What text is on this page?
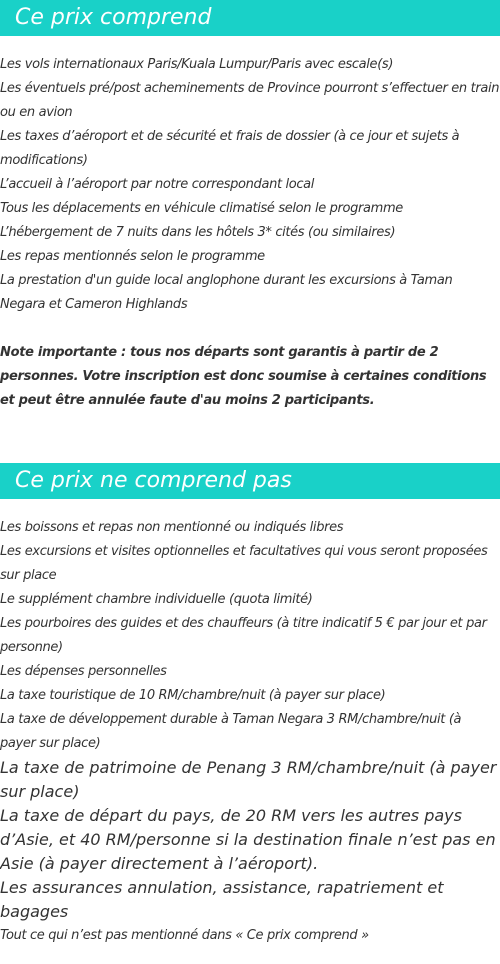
Ce prix comprend
Les vols internationaux Paris/Kuala Lumpur/Paris avec escale(s)
Les éventuels pré/post acheminements de Province pourront s’effectuer en train ou en avion
Les taxes d’aéroport et de sécurité et frais de dossier (à ce jour et sujets à modifications)
L’accueil à l’aéroport par notre correspondant local
Tous les déplacements en véhicule climatisé selon le programme
L’hébergement de 7 nuits dans les hôtels 3* cités (ou similaires)
Les repas mentionnés selon le programme
La prestation d'un guide local anglophone durant les excursions à Taman Negara et Cameron Highlands

Note importante : tous nos départs sont garantis à partir de 2 personnes. Votre inscription est donc soumise à certaines conditions et peut être annulée faute d'au moins 2 participants.

Ce prix ne comprend pas
Les boissons et repas non mentionné ou indiqués libres
Les excursions et visites optionnelles et facultatives qui vous seront proposées sur place
Le supplément chambre individuelle (quota limité)
Les pourboires des guides et des chauffeurs (à titre indicatif 5 € par jour et par personne)
Les dépenses personnelles
La taxe touristique de 10 RM/chambre/nuit (à payer sur place)
La taxe de développement durable à Taman Negara 3 RM/chambre/nuit (à payer sur place)
La taxe de patrimoine de Penang 3 RM/chambre/nuit (à payer sur place)
La taxe de départ du pays, de 20 RM vers les autres pays d’Asie, et 40 RM/personne si la destination finale n’est pas en Asie (à payer directement à l’aéroport).
Les assurances annulation, assistance, rapatriement et bagages
Tout ce qui n’est pas mentionné dans « Ce prix comprend »
